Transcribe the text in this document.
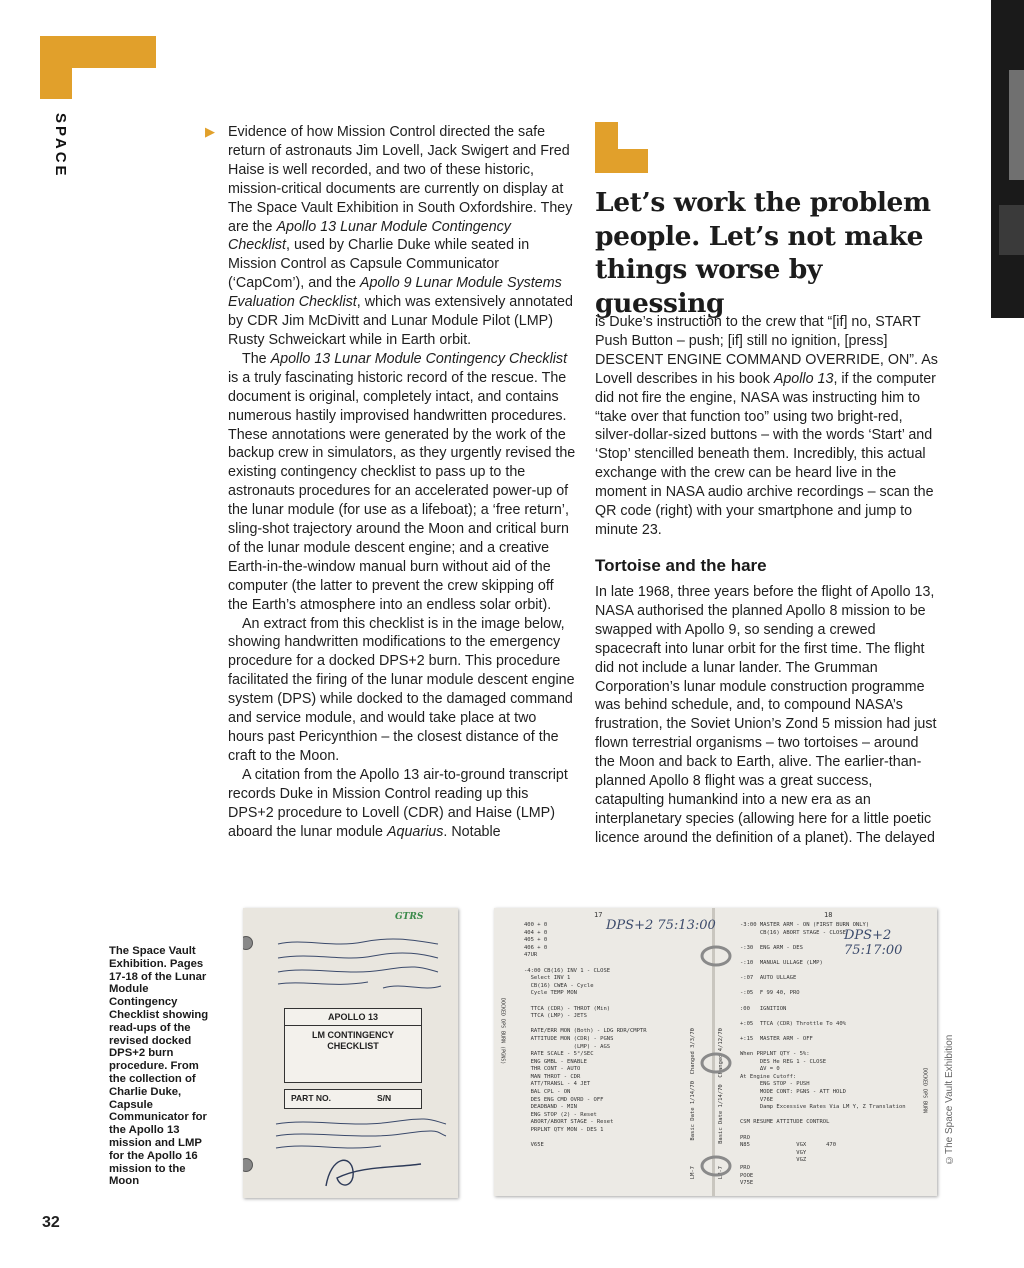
SPACE	▶ Evidence of how Mission Control directed the safe return of astronauts Jim Lovell, Jack Swigert and Fred Haise is well recorded, and two of these historic, mission-critical documents are currently on display at The Space Vault Exhibition in South Oxfordshire. They are the Apollo 13 Lunar Module Contingency Checklist, used by Charlie Duke while seated in Mission Control as Capsule Communicator (‘CapCom’), and the Apollo 9 Lunar Module Systems Evaluation Checklist, which was extensively annotated by CDR Jim McDivitt and Lunar Module Pilot (LMP) Rusty Schweickart while in Earth orbit.

The Apollo 13 Lunar Module Contingency Checklist is a truly fascinating historic record of the rescue. The document is original, completely intact, and contains numerous hastily improvised handwritten procedures. These annotations were generated by the work of the backup crew in simulators, as they urgently revised the existing contingency checklist to pass up to the astronauts procedures for an accelerated power-up of the lunar module (for use as a lifeboat); a ‘free return’, sling-shot trajectory around the Moon and critical burn of the lunar module descent engine; and a creative Earth-in-the-window manual burn without aid of the computer (the latter to prevent the crew skipping off the Earth’s atmosphere into an endless solar orbit).

An extract from this checklist is in the image below, showing handwritten modifications to the emergency procedure for a docked DPS+2 burn. This procedure facilitated the firing of the lunar module descent engine system (DPS) while docked to the damaged command and service module, and would take place at two hours past Pericynthion – the closest distance of the craft to the Moon.

A citation from the Apollo 13 air-to-ground transcript records Duke in Mission Control reading up this DPS+2 procedure to Lovell (CDR) and Haise (LMP) aboard the lunar module Aquarius. Notable

Let’s work the problem people. Let’s not make things worse by guessing

is Duke’s instruction to the crew that “[if] no, START Push Button – push; [if] still no ignition, [press] DESCENT ENGINE COMMAND OVERRIDE, ON”. As Lovell describes in his book Apollo 13, if the computer did not fire the engine, NASA was instructing him to “take over that function too” using two bright-red, silver-dollar-sized buttons – with the words ‘Start’ and ‘Stop’ stencilled beneath them. Incredibly, this actual exchange with the crew can be heard live in the moment in NASA audio archive recordings – scan the QR code (right) with your smartphone and jump to minute 23.

Tortoise and the hare

In late 1968, three years before the flight of Apollo 13, NASA authorised the planned Apollo 8 mission to be swapped with Apollo 9, so sending a crewed spacecraft into lunar orbit for the first time. The flight did not include a lunar lander. The Grumman Corporation’s lunar module construction programme was behind schedule, and, to compound NASA’s frustration, the Soviet Union’s Zond 5 mission had just flown terrestrial organisms – two tortoises – around the Moon and back to Earth, alive. The earlier-than-planned Apollo 8 flight was a great success, catapulting humankind into a new era as an interplanetary species (allowing here for a little poetic licence around the definition of a planet). The delayed

The Space Vault Exhibition. Pages 17-18 of the Lunar Module Contingency Checklist showing read-ups of the revised docked DPS+2 burn procedure. From the collection of Charlie Duke, Capsule Communicator for the Apollo 13 mission and LMP for the Apollo 16 mission to the Moon
32
©The Space Vault Exhibition
GTRS
APOLLO 13
LM CONTINGENCY CHECKLIST
PART NO.	S/N
17	18
DPS+2 75:13:00
DPS+2 75:17:00
400 + 0
404 + 0
405 + 0
406 + 0
47UR

-4:00 CB(16) INV 1 - CLOSE
Select INV 1
CB(16) CWEA - Cycle
Cycle TEMP MON

TTCA (CDR) - THROT (Min)
TTCA (LMP) - JETS

RATE/ERR MON (Both) - LDG RDR/CMPTR
ATTITUDE MON (CDR) - PGNS
(LMP) - AGS
RATE SCALE - 5°/SEC
ENG GMBL - ENABLE
THR CONT - AUTO
MAN THROT - CDR
ATT/TRANSL - 4 JET
BAL CPL - ON
DES ENG CMD OVRD - OFF
DEADBAND - MIN
ENG STOP (2) - Reset
ABORT/ABORT STAGE - Reset
PRPLNT QTY MON - DES 1

V65E
-3:00 MASTER ARM - ON (FIRST BURN ONLY)
CB(16) ABORT STAGE - CLOSE

-:30  ENG ARM - DES

-:10  MANUAL ULLAGE (LMP)

-:07  AUTO ULLAGE

-:05  F 99 40, PRO

:00   IGNITION

+:05  TTCA (CDR) Throttle To 40%

+:15  MASTER ARM - OFF

When PRPLNT QTY - 5%:
DES He REG 1 - CLOSE
ΔV = 0
At Engine Cutoff:
ENG STOP - PUSH
MODE CONT: PGNS - ATT HOLD
V76E
Damp Excessive Rates Via LM Y, Z Translation

CSM RESUME ATTITUDE CONTROL

PRO
N85              VGX      470
VGY
VGZ
PRO
POOE
V75E
DOCKED DPS BURN (PGNS)
DOCKED DPS BURN
Basic Date 1/14/70  Changed 3/3/70	Basic Date 1/14/70  Changed 4/12/70
LM-7	LM-7
